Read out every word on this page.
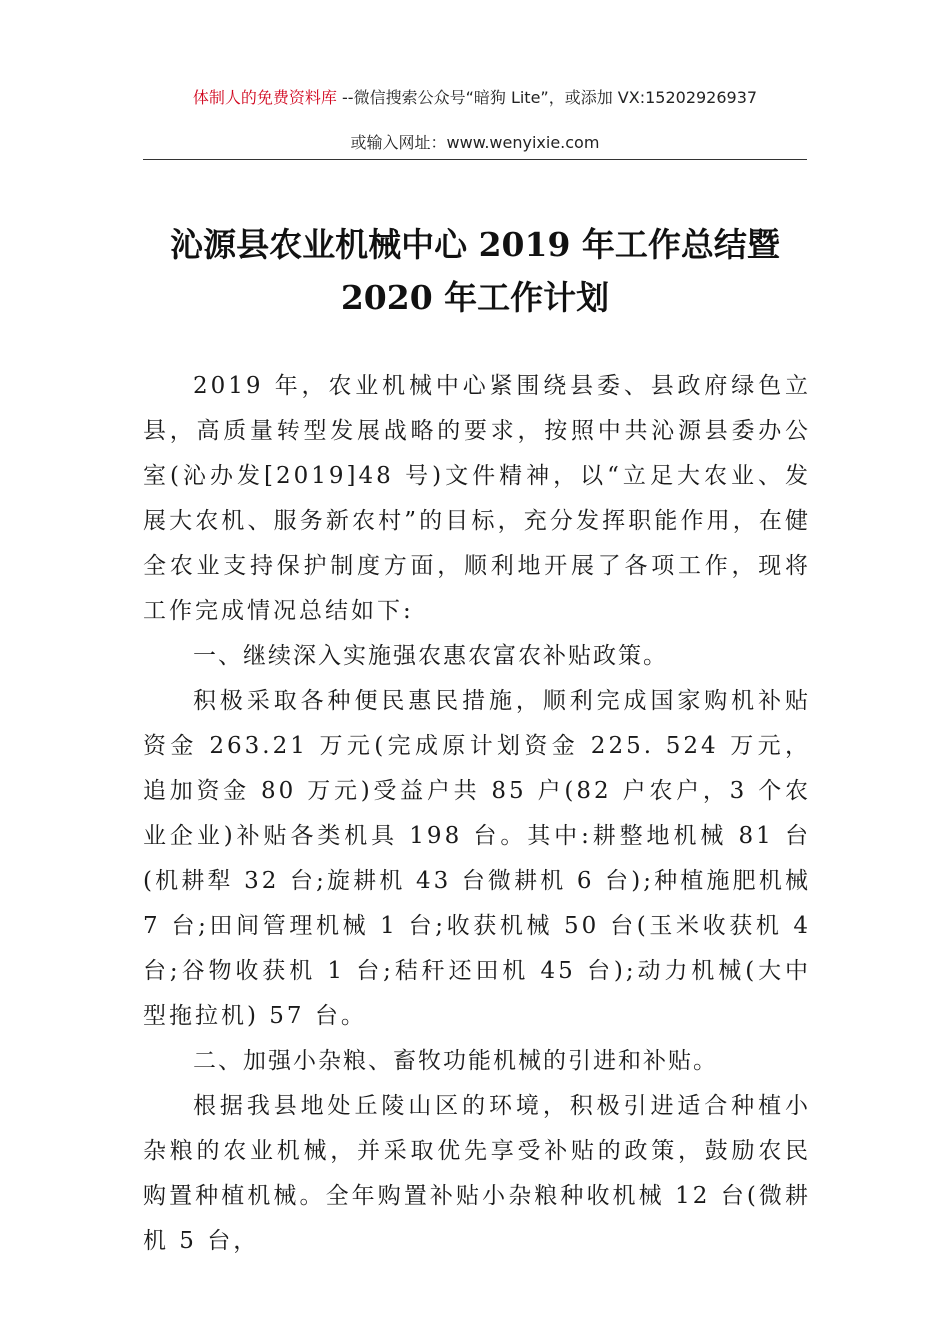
体制人的免费资料库 --微信搜索公众号“暗狗 Lite”，或添加 VX:15202926937
或输入网址：www.wenyixie.com
沁源县农业机械中心 2019 年工作总结暨
2020 年工作计划

2019 年，农业机械中心紧围绕县委、县政府绿色立县，高质量转型发展战略的要求，按照中共沁源县委办公室(沁办发[2019]48 号)文件精神，以“立足大农业、发展大农机、服务新农村”的目标，充分发挥职能作用，在健全农业支持保护制度方面，顺利地开展了各项工作，现将工作完成情况总结如下:

一、继续深入实施强农惠农富农补贴政策。

积极采取各种便民惠民措施，顺利完成国家购机补贴资金 263.21 万元(完成原计划资金 225. 524 万元，追加资金 80 万元)受益户共 85 户(82 户农户，3 个农业企业)补贴各类机具 198 台。其中:耕整地机械 81 台(机耕犁 32 台;旋耕机 43 台微耕机 6 台);种植施肥机械 7 台;田间管理机械 1 台;收获机械 50 台(玉米收获机 4 台;谷物收获机 1 台;秸秆还田机 45 台);动力机械(大中型拖拉机) 57 台。

二、加强小杂粮、畜牧功能机械的引进和补贴。

根据我县地处丘陵山区的环境，积极引进适合种植小杂粮的农业机械，并采取优先享受补贴的政策，鼓励农民购置种植机械。全年购置补贴小杂粮种收机械 12 台(微耕机 5 台，
